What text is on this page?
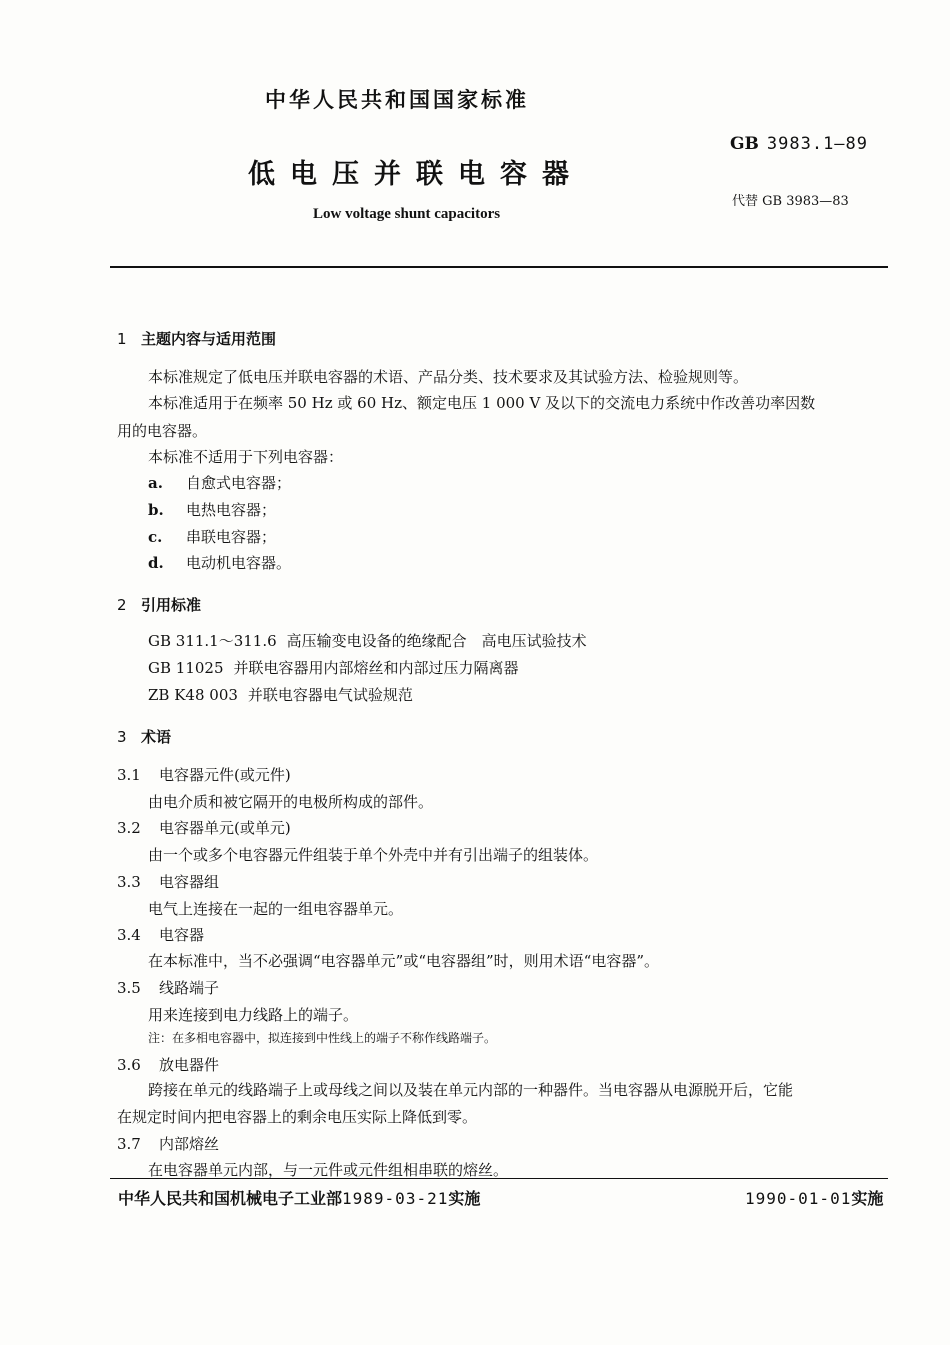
中华人民共和国国家标准
GB 3983.1—89
低电压并联电容器
代替 GB 3983—83
Low voltage shunt capacitors
1 主题内容与适用范围
本标准规定了低电压并联电容器的术语、产品分类、技术要求及其试验方法、检验规则等。
本标准适用于在频率 50 Hz 或 60 Hz、额定电压 1 000 V 及以下的交流电力系统中作改善功率因数
用的电容器。
本标准不适用于下列电容器：
a. 自愈式电容器；
b. 电热电容器；
c. 串联电容器；
d. 电动机电容器。
2 引用标准
GB 311.1～311.6 高压输变电设备的绝缘配合　高电压试验技术
GB 11025 并联电容器用内部熔丝和内部过压力隔离器
ZB K48 003 并联电容器电气试验规范
3 术语
3.1 电容器元件(或元件)
由电介质和被它隔开的电极所构成的部件。
3.2 电容器单元(或单元)
由一个或多个电容器元件组装于单个外壳中并有引出端子的组装体。
3.3 电容器组
电气上连接在一起的一组电容器单元。
3.4 电容器
在本标准中，当不必强调“电容器单元”或“电容器组”时，则用术语“电容器”。
3.5 线路端子
用来连接到电力线路上的端子。
注：在多相电容器中，拟连接到中性线上的端子不称作线路端子。
3.6 放电器件
跨接在单元的线路端子上或母线之间以及装在单元内部的一种器件。当电容器从电源脱开后，它能
在规定时间内把电容器上的剩余电压实际上降低到零。
3.7 内部熔丝
在电容器单元内部，与一元件或元件组相串联的熔丝。
中华人民共和国机械电子工业部1989-03-21实施	1990-01-01实施
